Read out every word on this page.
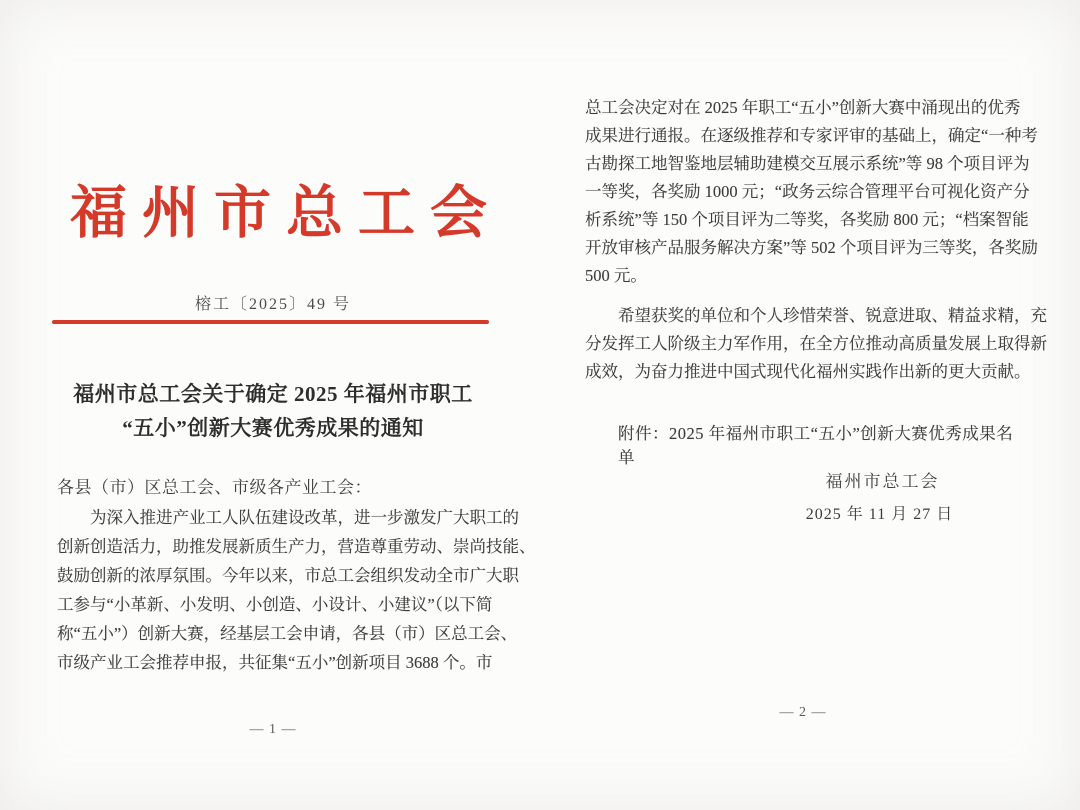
福州市总工会
榕工〔2025〕49 号
福州市总工会关于确定 2025 年福州市职工
“五小”创新大赛优秀成果的通知
各县（市）区总工会、市级各产业工会：
为深入推进产业工人队伍建设改革，进一步激发广大职工的
创新创造活力，助推发展新质生产力，营造尊重劳动、崇尚技能、
鼓励创新的浓厚氛围。今年以来，市总工会组织发动全市广大职
工参与“小革新、小发明、小创造、小设计、小建议”（以下简
称“五小”）创新大赛，经基层工会申请，各县（市）区总工会、
市级产业工会推荐申报，共征集“五小”创新项目 3688 个。市
— 1 —
总工会决定对在 2025 年职工“五小”创新大赛中涌现出的优秀
成果进行通报。在逐级推荐和专家评审的基础上，确定“一种考
古勘探工地智鉴地层辅助建模交互展示系统”等 98 个项目评为
一等奖，各奖励 1000 元；“政务云综合管理平台可视化资产分
析系统”等 150 个项目评为二等奖，各奖励 800 元；“档案智能
开放审核产品服务解决方案”等 502 个项目评为三等奖，各奖励
500 元。
希望获奖的单位和个人珍惜荣誉、锐意进取、精益求精，充
分发挥工人阶级主力军作用，在全方位推动高质量发展上取得新
成效，为奋力推进中国式现代化福州实践作出新的更大贡献。
附件：2025 年福州市职工“五小”创新大赛优秀成果名单
福州市总工会
2025 年 11 月 27 日
— 2 —
